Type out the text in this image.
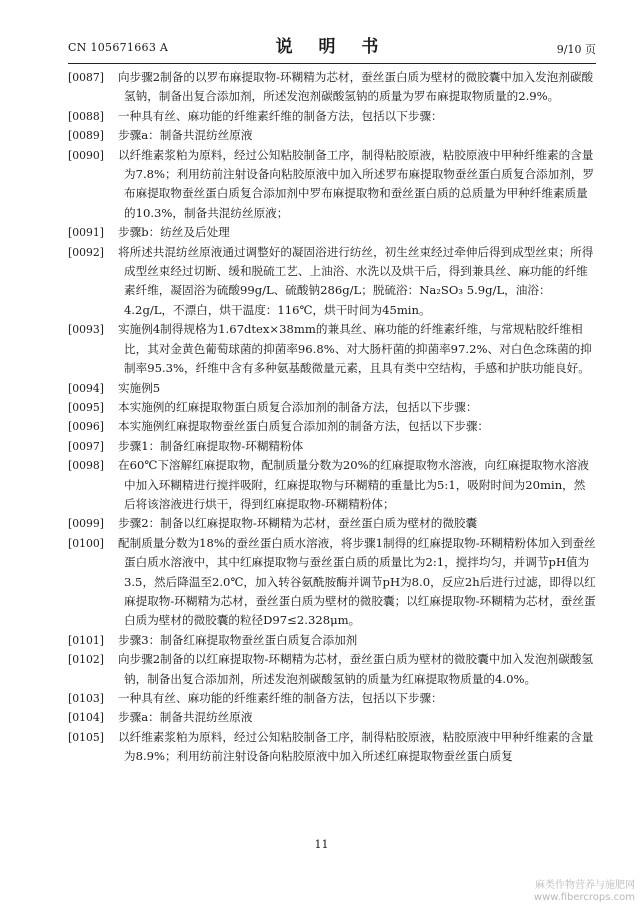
CN 105671663 A	说 明 书	9/10 页

[0087] 向步骤2制备的以罗布麻提取物-环糊精为芯材，蚕丝蛋白质为壁材的微胶囊中加入发泡剂碳酸氢钠，制备出复合添加剂，所述发泡剂碳酸氢钠的质量为罗布麻提取物质量的2.9%。

[0088] 一种具有丝、麻功能的纤维素纤维的制备方法，包括以下步骤：

[0089] 步骤a：制备共混纺丝原液

[0090] 以纤维素浆粕为原料，经过公知粘胶制备工序，制得粘胶原液，粘胶原液中甲种纤维素的含量为7.8%；利用纺前注射设备向粘胶原液中加入所述罗布麻提取物蚕丝蛋白质复合添加剂，罗布麻提取物蚕丝蛋白质复合添加剂中罗布麻提取物和蚕丝蛋白质的总质量为甲种纤维素质量的10.3%，制备共混纺丝原液；

[0091] 步骤b：纺丝及后处理

[0092] 将所述共混纺丝原液通过调整好的凝固浴进行纺丝，初生丝束经过牵伸后得到成型丝束；所得成型丝束经过切断、缓和脱硫工艺、上油浴、水洗以及烘干后，得到兼具丝、麻功能的纤维素纤维，凝固浴为硫酸99g/L、硫酸钠286g/L；脱硫浴：Na₂SO₃ 5.9g/L，油浴：4.2g/L，不漂白，烘干温度：116℃，烘干时间为45min。

[0093] 实施例4制得规格为1.67dtex×38mm的兼具丝、麻功能的纤维素纤维，与常规粘胶纤维相比，其对金黄色葡萄球菌的抑菌率96.8%、对大肠杆菌的抑菌率97.2%、对白色念珠菌的抑制率95.3%，纤维中含有多种氨基酸微量元素，且具有类中空结构，手感和护肤功能良好。

[0094] 实施例5

[0095] 本实施例的红麻提取物蛋白质复合添加剂的制备方法，包括以下步骤：

[0096] 本实施例红麻提取物蚕丝蛋白质复合添加剂的制备方法，包括以下步骤：

[0097] 步骤1：制备红麻提取物-环糊精粉体

[0098] 在60℃下溶解红麻提取物，配制质量分数为20%的红麻提取物水溶液，向红麻提取物水溶液中加入环糊精进行搅拌吸附，红麻提取物与环糊精的重量比为5:1，吸附时间为20min，然后将该溶液进行烘干，得到红麻提取物-环糊精粉体；

[0099] 步骤2：制备以红麻提取物-环糊精为芯材，蚕丝蛋白质为壁材的微胶囊

[0100] 配制质量分数为18%的蚕丝蛋白质水溶液，将步骤1制得的红麻提取物-环糊精粉体加入到蚕丝蛋白质水溶液中，其中红麻提取物与蚕丝蛋白质的质量比为2:1，搅拌均匀，并调节pH值为3.5，然后降温至2.0℃，加入转谷氨酰胺酶并调节pH为8.0，反应2h后进行过滤，即得以红麻提取物-环糊精为芯材，蚕丝蛋白质为壁材的微胶囊；以红麻提取物-环糊精为芯材，蚕丝蛋白质为壁材的微胶囊的粒径D97≤2.328μm。

[0101] 步骤3：制备红麻提取物蚕丝蛋白质复合添加剂

[0102] 向步骤2制备的以红麻提取物-环糊精为芯材，蚕丝蛋白质为壁材的微胶囊中加入发泡剂碳酸氢钠，制备出复合添加剂，所述发泡剂碳酸氢钠的质量为红麻提取物质量的4.0%。

[0103] 一种具有丝、麻功能的纤维素纤维的制备方法，包括以下步骤：

[0104] 步骤a：制备共混纺丝原液

[0105] 以纤维素浆粕为原料，经过公知粘胶制备工序，制得粘胶原液，粘胶原液中甲种纤维素的含量为8.9%；利用纺前注射设备向粘胶原液中加入所述红麻提取物蚕丝蛋白质复

11
麻类作物营养与施肥网
www.fibercrops.com
